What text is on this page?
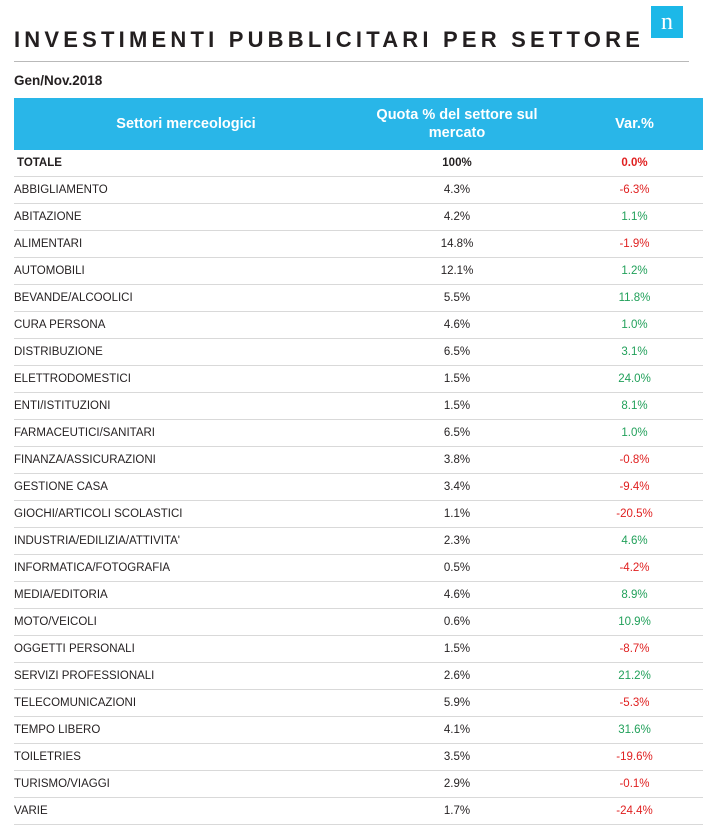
n
INVESTIMENTI PUBBLICITARI PER SETTORE
Gen/Nov.2018
Settori merceologici	Quota % del settore sul mercato	Var.%
TOTALE	100%	0.0%
ABBIGLIAMENTO	4.3%	-6.3%
ABITAZIONE	4.2%	1.1%
ALIMENTARI	14.8%	-1.9%
AUTOMOBILI	12.1%	1.2%
BEVANDE/ALCOOLICI	5.5%	11.8%
CURA PERSONA	4.6%	1.0%
DISTRIBUZIONE	6.5%	3.1%
ELETTRODOMESTICI	1.5%	24.0%
ENTI/ISTITUZIONI	1.5%	8.1%
FARMACEUTICI/SANITARI	6.5%	1.0%
FINANZA/ASSICURAZIONI	3.8%	-0.8%
GESTIONE CASA	3.4%	-9.4%
GIOCHI/ARTICOLI SCOLASTICI	1.1%	-20.5%
INDUSTRIA/EDILIZIA/ATTIVITA'	2.3%	4.6%
INFORMATICA/FOTOGRAFIA	0.5%	-4.2%
MEDIA/EDITORIA	4.6%	8.9%
MOTO/VEICOLI	0.6%	10.9%
OGGETTI PERSONALI	1.5%	-8.7%
SERVIZI PROFESSIONALI	2.6%	21.2%
TELECOMUNICAZIONI	5.9%	-5.3%
TEMPO LIBERO	4.1%	31.6%
TOILETRIES	3.5%	-19.6%
TURISMO/VIAGGI	2.9%	-0.1%
VARIE	1.7%	-24.4%
